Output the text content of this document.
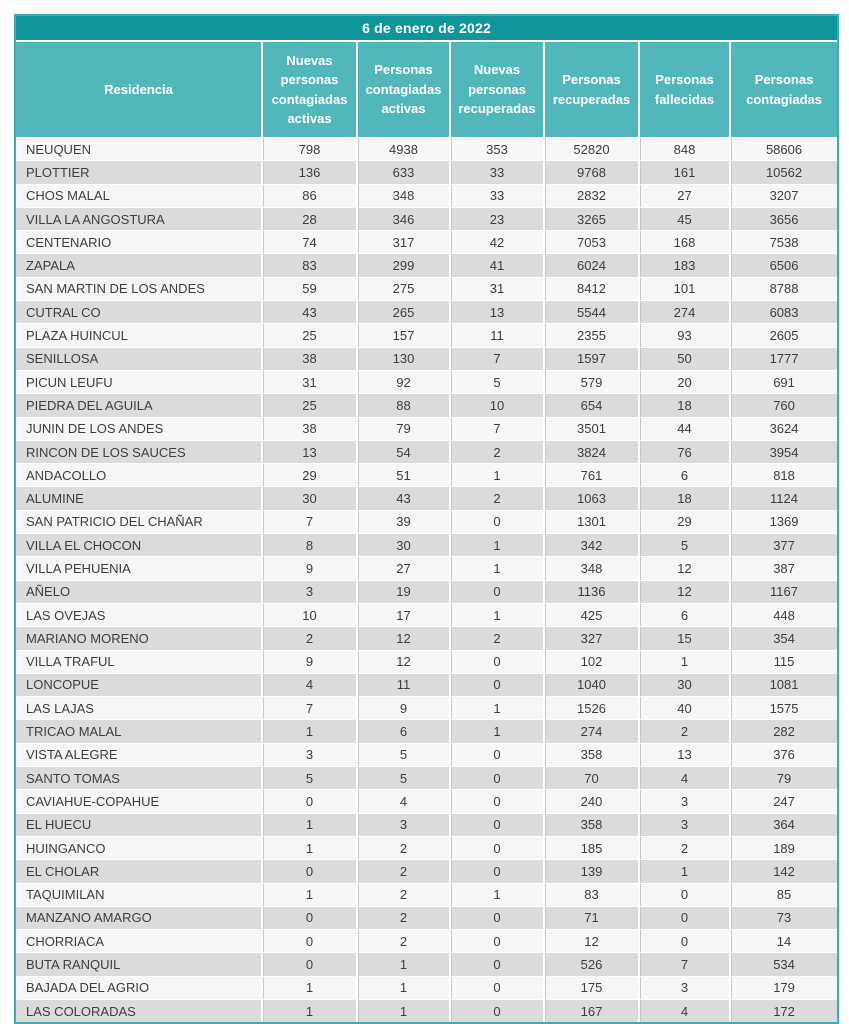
6 de enero de 2022						
Residencia	Nuevas personas contagiadas activas	Personas contagiadas activas	Nuevas personas recuperadas	Personas recuperadas	Personas fallecidas	Personas contagiadas
NEUQUEN	798	4938	353	52820	848	58606
PLOTTIER	136	633	33	9768	161	10562
CHOS MALAL	86	348	33	2832	27	3207
VILLA LA ANGOSTURA	28	346	23	3265	45	3656
CENTENARIO	74	317	42	7053	168	7538
ZAPALA	83	299	41	6024	183	6506
SAN MARTIN DE LOS ANDES	59	275	31	8412	101	8788
CUTRAL CO	43	265	13	5544	274	6083
PLAZA HUINCUL	25	157	11	2355	93	2605
SENILLOSA	38	130	7	1597	50	1777
PICUN LEUFU	31	92	5	579	20	691
PIEDRA DEL AGUILA	25	88	10	654	18	760
JUNIN DE LOS ANDES	38	79	7	3501	44	3624
RINCON DE LOS SAUCES	13	54	2	3824	76	3954
ANDACOLLO	29	51	1	761	6	818
ALUMINE	30	43	2	1063	18	1124
SAN PATRICIO DEL CHAÑAR	7	39	0	1301	29	1369
VILLA EL CHOCON	8	30	1	342	5	377
VILLA PEHUENIA	9	27	1	348	12	387
AÑELO	3	19	0	1136	12	1167
LAS OVEJAS	10	17	1	425	6	448
MARIANO MORENO	2	12	2	327	15	354
VILLA TRAFUL	9	12	0	102	1	115
LONCOPUE	4	11	0	1040	30	1081
LAS LAJAS	7	9	1	1526	40	1575
TRICAO MALAL	1	6	1	274	2	282
VISTA ALEGRE	3	5	0	358	13	376
SANTO TOMAS	5	5	0	70	4	79
CAVIAHUE-COPAHUE	0	4	0	240	3	247
EL HUECU	1	3	0	358	3	364
HUINGANCO	1	2	0	185	2	189
EL CHOLAR	0	2	0	139	1	142
TAQUIMILAN	1	2	1	83	0	85
MANZANO AMARGO	0	2	0	71	0	73
CHORRIACA	0	2	0	12	0	14
BUTA RANQUIL	0	1	0	526	7	534
BAJADA DEL AGRIO	1	1	0	175	3	179
LAS COLORADAS	1	1	0	167	4	172
